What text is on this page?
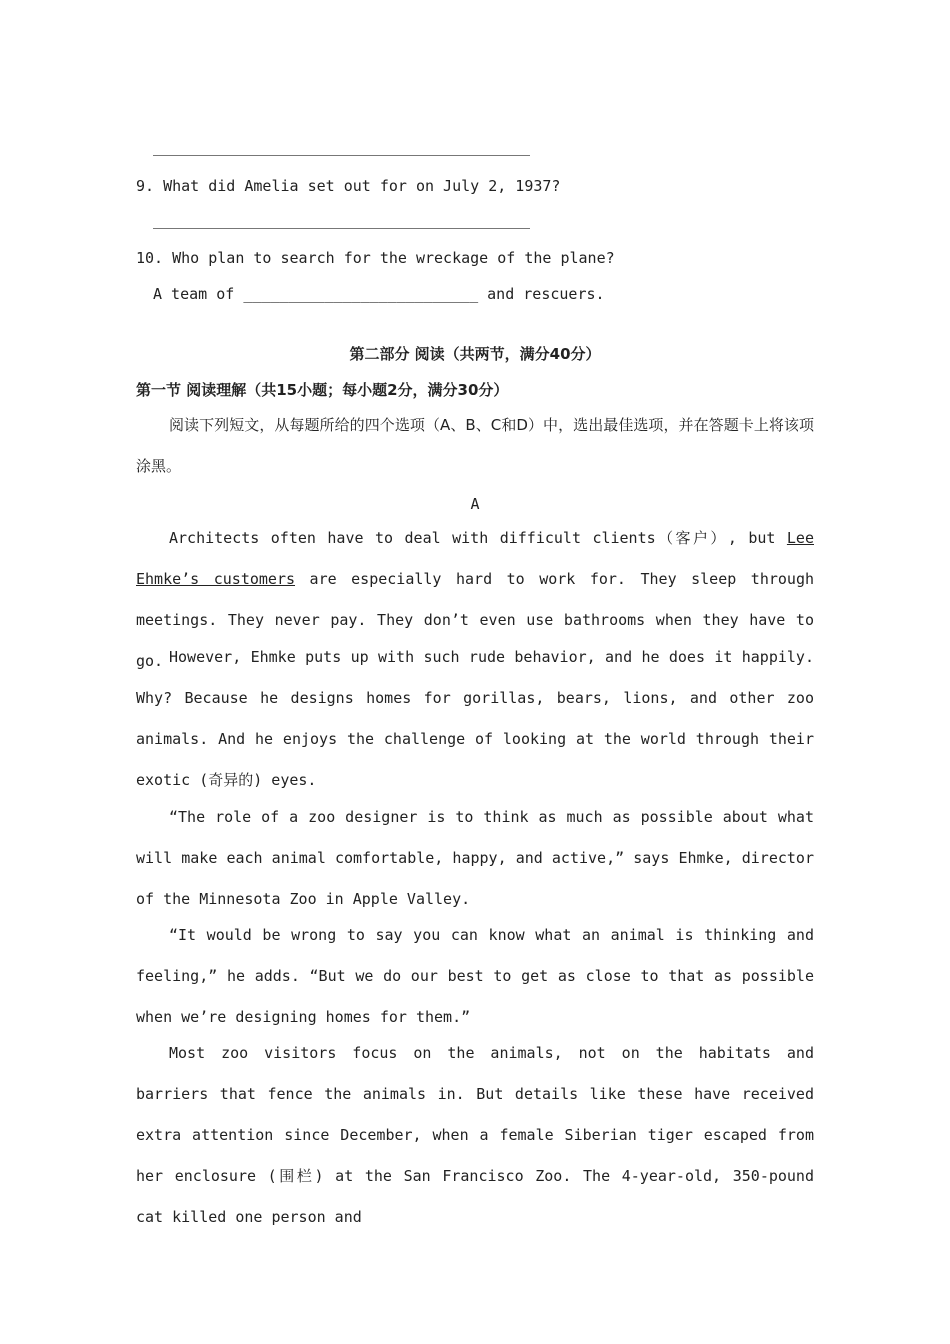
9. What did Amelia set out for on July 2, 1937?
10. Who plan to search for the wreckage of the plane?
A team of __________________________ and rescuers.
第二部分 阅读（共两节，满分40分）
第一节 阅读理解（共15小题；每小题2分，满分30分）
阅读下列短文，从每题所给的四个选项（A、B、C和D）中，选出最佳选项，并在答题卡上将该项涂黑。
A
Architects often have to deal with difficult clients（客户）, but Lee Ehmke’s customers are especially hard to work for. They sleep through meetings. They never pay. They don’t even use bathrooms when they have to go. However, Ehmke puts up with such rude behavior, and he does it happily. Why? Because he designs homes for gorillas, bears, lions, and other zoo animals. And he enjoys the challenge of looking at the world through their exotic (奇异的) eyes.
“The role of a zoo designer is to think as much as possible about what will make each animal comfortable, happy, and active,” says Ehmke, director of the Minnesota Zoo in Apple Valley.
“It would be wrong to say you can know what an animal is thinking and feeling,” he adds. “But we do our best to get as close to that as possible when we’re designing homes for them.”
Most zoo visitors focus on the animals, not on the habitats and barriers that fence the animals in. But details like these have received extra attention since December, when a female Siberian tiger escaped from her enclosure (围栏) at the San Francisco Zoo. The 4-year-old, 350-pound cat killed one person and
